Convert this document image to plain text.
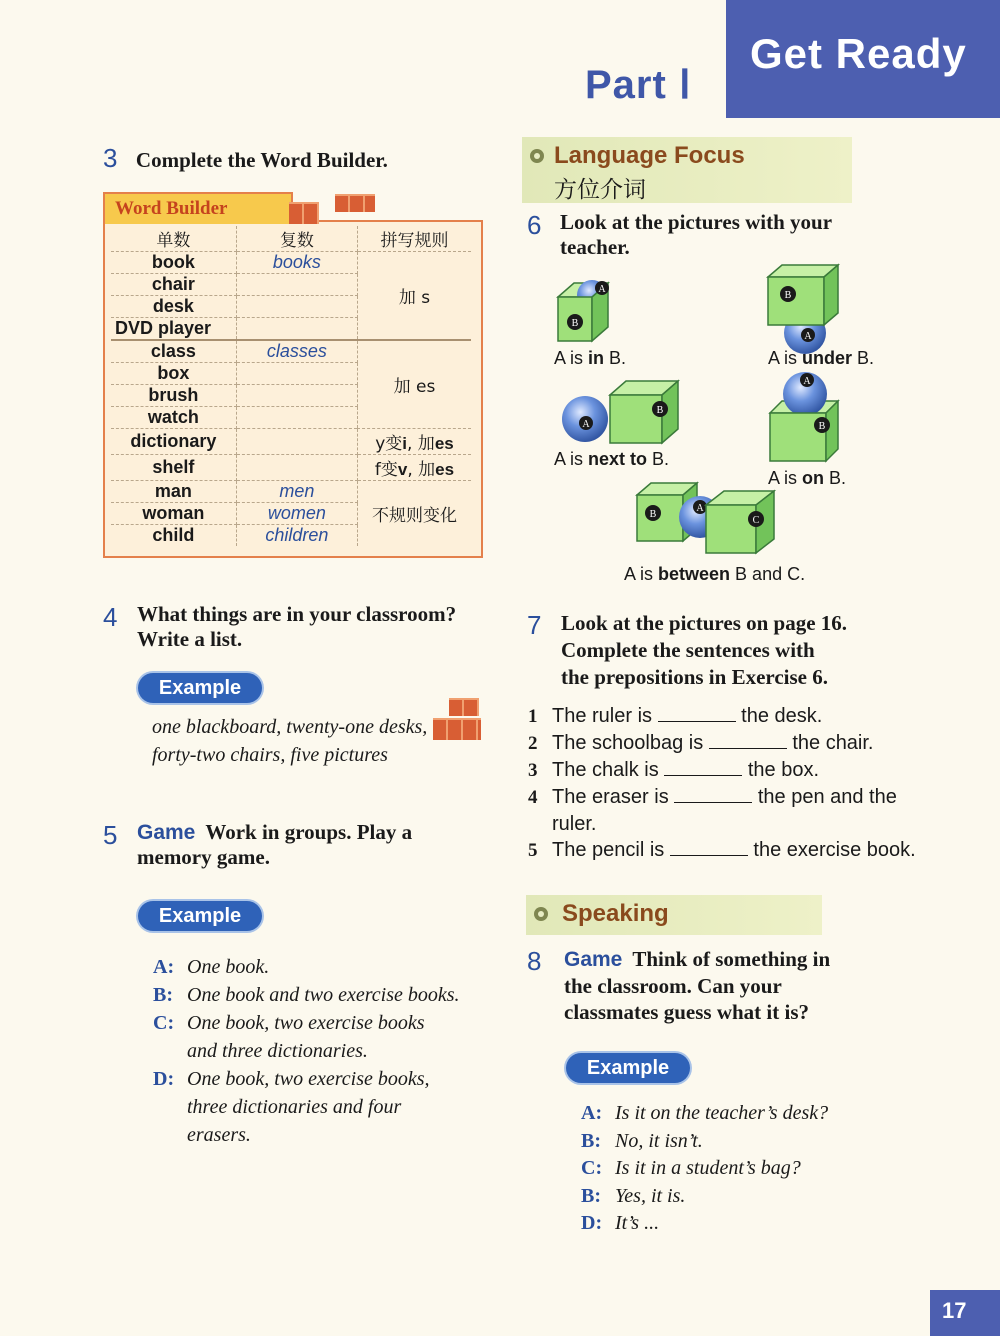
Part Ⅰ
Get Ready
3 Complete the Word Builder.
Word Builder
单数	复数	拼写规则
book	books	加 s
chair		
desk		
DVD player		
class	classes	加 es
box		
brush		
watch		
dictionary		y变i, 加es
shelf		f变v, 加es
man	men	不规则变化
woman	women	
child	children	
4 What things are in your classroom?
Write a list.
Example
one blackboard, twenty-one desks,
forty-two chairs, five pictures
5 Game Work in groups. Play a
memory game.
Example
A: One book.
B: One book and two exercise books.
C: One book, two exercise books
and three dictionaries.
D: One book, two exercise books,
three dictionaries and four
erasers.
Language Focus
方位介词
6 Look at the pictures with your
teacher.
A
B
B
A
A
B
A
B
B
A
C
A is in B.	A is under B.
A is next to B.
A is on B.
A is between B and C.
7 Look at the pictures on page 16.
Complete the sentences with
the prepositions in Exercise 6.
1 The ruler is	the desk.
2 The schoolbag is	the chair.
3 The chalk is	the box.
4 The eraser is	the pen and the
ruler.
5 The pencil is	the exercise book.
Speaking
8 Game Think of something in
the classroom. Can your
classmates guess what it is?
Example
A: Is it on the teacher’s desk?
B: No, it isn’t.
C: Is it in a student’s bag?
B: Yes, it is.
D: It’s ...
17
